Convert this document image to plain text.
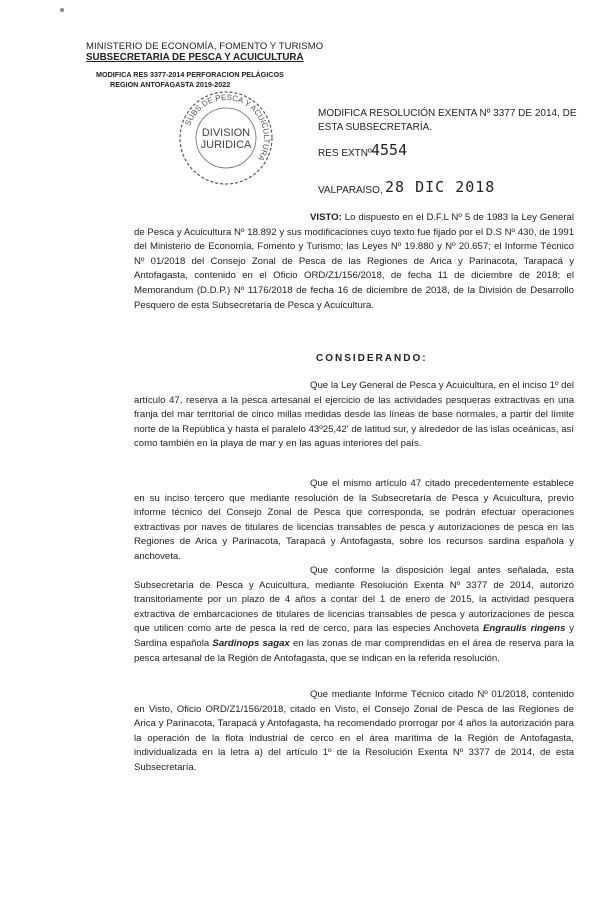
MINISTERIO DE ECONOMÍA, FOMENTO Y TURISMO
SUBSECRETARIA DE PESCA Y ACUICULTURA
MODIFICA RES 3377-2014 PERFORACION PELÁGICOS
REGION ANTOFAGASTA 2019-2022
SUBS.DE PESCA Y ACUICULTURA
DIVISION
JURIDICA
MODIFICA RESOLUCIÓN EXENTA Nº 3377 DE 2014, DE ESTA SUBSECRETARÍA.
RES EXTNº 4554
VALPARAISO, 28 DIC 2018
VISTO: Lo dispuesto en el D.F.L Nº 5 de 1983 la Ley General de Pesca y Acuicultura Nº 18.892 y sus modificaciones cuyo texto fue fijado por el D.S Nº 430, de 1991 del Ministerio de Economía, Fomento y Turismo; las Leyes Nº 19.880 y Nº 20.657; el Informe Técnico Nº 01/2018 del Consejo Zonal de Pesca de las Regiones de Arica y Parinacota, Tarapacá y Antofagasta, contenido en el Oficio ORD/Z1/156/2018, de fecha 11 de diciembre de 2018; el Memorandum (D.D.P.) Nº 1176/2018 de fecha 16 de diciembre de 2018, de la División de Desarrollo Pesquero de esta Subsecretaría de Pesca y Acuicultura.
CONSIDERANDO:
Que la Ley General de Pesca y Acuicultura, en el inciso 1º del artículo 47, reserva a la pesca artesanal el ejercicio de las actividades pesqueras extractivas en una franja del mar territorial de cinco millas medidas desde las líneas de base normales, a partir del límite norte de la República y hasta el paralelo 43º25,42' de latitud sur, y alrededor de las islas oceánicas, así como también en la playa de mar y en las aguas interiores del país.
Que el mismo artículo 47 citado precedentemente establece en su inciso tercero que mediante resolución de la Subsecretaría de Pesca y Acuicultura, previo informe técnico del Consejo Zonal de Pesca que corresponda, se podrán efectuar operaciones extractivas por naves de titulares de licencias transables de pesca y autorizaciones de pesca en las Regiones de Arica y Parinacota, Tarapacá y Antofagasta, sobre los recursos sardina española y anchoveta.
Que conforme la disposición legal antes señalada, esta Subsecretaría de Pesca y Acuicultura, mediante Resolución Exenta Nº 3377 de 2014, autorizó transitoriamente por un plazo de 4 años a contar del 1 de enero de 2015, la actividad pesquera extractiva de embarcaciones de titulares de licencias transables de pesca y autorizaciones de pesca que utilicen como arte de pesca la red de cerco, para las especies Anchoveta Engraulis ringens y Sardina española Sardinops sagax en las zonas de mar comprendidas en el área de reserva para la pesca artesanal de la Región de Antofagasta, que se indican en la referida resolución.
Que mediante Informe Técnico citado Nº 01/2018, contenido en Visto, Oficio ORD/Z1/156/2018, citado en Visto, el Consejo Zonal de Pesca de las Regiones de Arica y Parinacota, Tarapacá y Antofagasta, ha recomendado prorrogar por 4 años la autorización para la operación de la flota industrial de cerco en el área marítima de la Región de Antofagasta, individualizada en la letra a) del artículo 1º de la Resolución Exenta Nº 3377 de 2014, de esta Subsecretaría.
